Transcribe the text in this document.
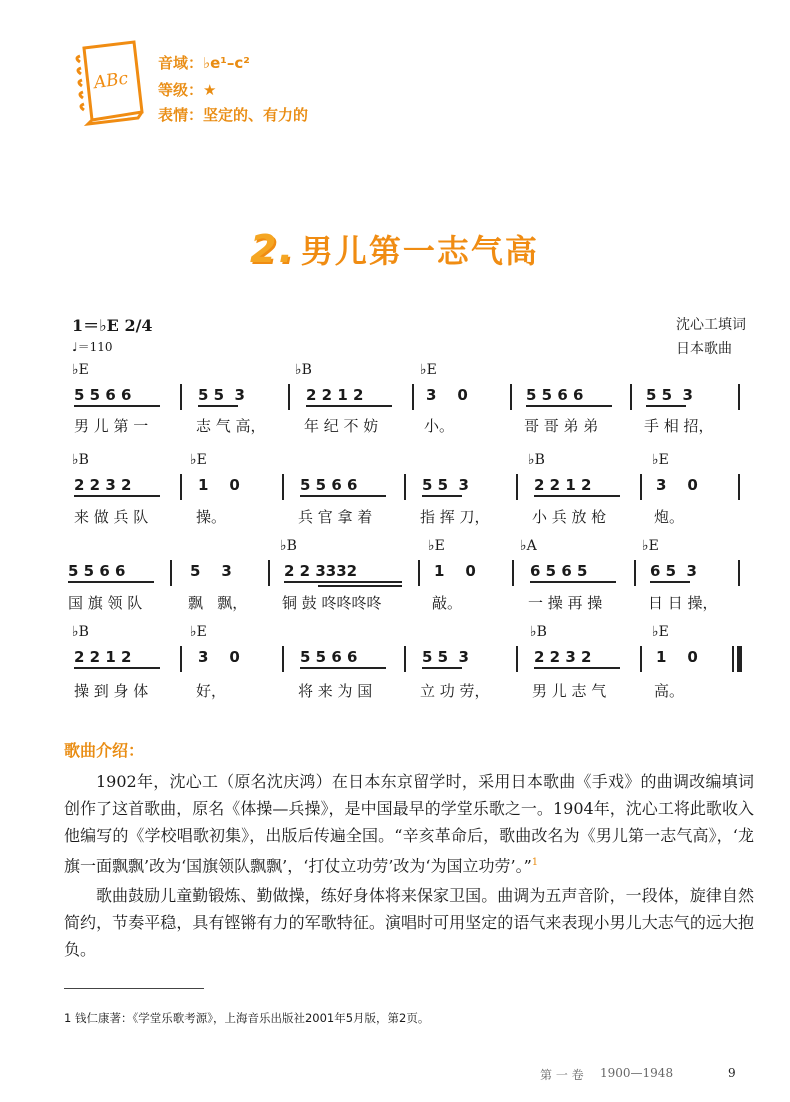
ABc
音域：♭e¹–c²
等级：★
表情：坚定的、有力的
2. 男儿第一志气高
1＝♭E 2/4
♩＝110
沈心工填词
日本歌曲
♭E	♭B	♭E
5 5 6 6	5 5  3	2 2 1 2	3    0	5 5 6 6	5 5  3
男 儿 第 一	志 气 高，	年 纪 不 妨	小。	哥 哥 弟 弟	手 相 招，
♭B	♭E	♭B	♭E
2 2 3 2	1    0	5 5 6 6	5 5  3	2 2 1 2	3    0
来 做 兵 队	操。	兵 官 拿 着	指 挥 刀，	小 兵 放 枪	炮。
♭B	♭E	♭A	♭E
5 5 6 6	5    3	2 2 3332	1    0	6 5 6 5	6 5  3
国 旗 领 队	飘   飘， 铜 鼓 咚咚咚咚	敲。	一 操 再 操	日 日 操，
♭B	♭E	♭B	♭E
2 2 1 2	3    0	5 5 6 6	5 5  3	2 2 3 2	1    0
操 到 身 体	好，	将 来 为 国	立 功 劳，	男 儿 志 气	高。
歌曲介绍：
1902年，沈心工（原名沈庆鸿）在日本东京留学时，采用日本歌曲《手戏》的曲调改编填词创作了这首歌曲，原名《体操—兵操》，是中国最早的学堂乐歌之一。1904年，沈心工将此歌收入他编写的《学校唱歌初集》，出版后传遍全国。“辛亥革命后，歌曲改名为《男儿第一志气高》，‘龙旗一面飘飘’改为‘国旗领队飘飘’，‘打仗立功劳’改为‘为国立功劳’。”$^1$
歌曲鼓励儿童勤锻炼、勤做操，练好身体将来保家卫国。曲调为五声音阶，一段体，旋律自然简约，节奏平稳，具有铿锵有力的军歌特征。演唱时可用坚定的语气来表现小男儿大志气的远大抱负。
1 钱仁康著：《学堂乐歌考源》，上海音乐出版社2001年5月版，第2页。
第 一 卷 1900—1948	9
